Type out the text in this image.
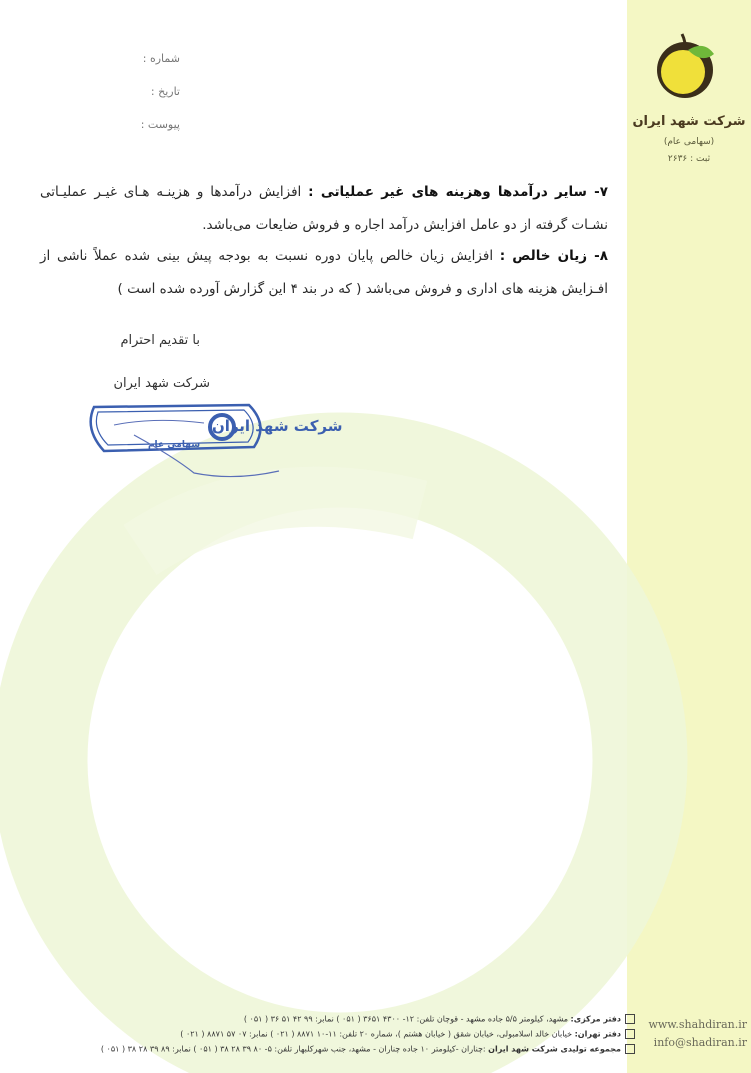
شرکت شهد ایران
(سهامی عام)
ثبت : ۲۶۳۶
شماره :
تاریخ :
پیوست :
۷- سایر درآمدها وهزینه های غیر عملیاتی : افزایش درآمدها و هزینـه هـای غیـر عملیـاتی نشـات گرفته از دو عامل افزایش درآمد اجاره و فروش ضایعات می‌باشد.
۸- زیان خالص : افزایش زیان خالص پایان دوره نسبت به بودجه پیش بینی شده عملاً ناشی از افـزایش هزینه های اداری و فروش می‌باشد ( که در بند ۴ این گزارش آورده شده است )
با تقدیم احترام
شرکت شهد ایران
شرکت شهد ایران
سهامی عام
دفتر مرکزی: مشهد، کیلومتر ۵/۵ جاده مشهد - قوچان تلفن: ۱۲- ۴۳۰۰ ۳۶۵۱ ( ۰۵۱ ) نمابر: ۹۹ ۴۲ ۵۱ ۳۶ ( ۰۵۱ )
دفتر تهران: خیابان خالد اسلامبولی، خیابان شقق ( خیابان هشتم )، شماره ۲۰ تلفن: ۱۱-۱۰ ۸۸۷۱ ( ۰۲۱ ) نمابر: ۰۷ ۵۷ ۸۸۷۱ ( ۰۲۱ )
مجموعه تولیدی شرکت شهد ایران :چناران -کیلومتر ۱۰ جاده چناران - مشهد، جنب شهرکلبهار تلفن: ۵- ۸۰ ۳۹ ۲۸ ۳۸ ( ۰۵۱ ) نمابر: ۸۹ ۳۹ ۲۸ ۳۸ ( ۰۵۱ )
www.shahdiran.ir
info@shadiran.ir
